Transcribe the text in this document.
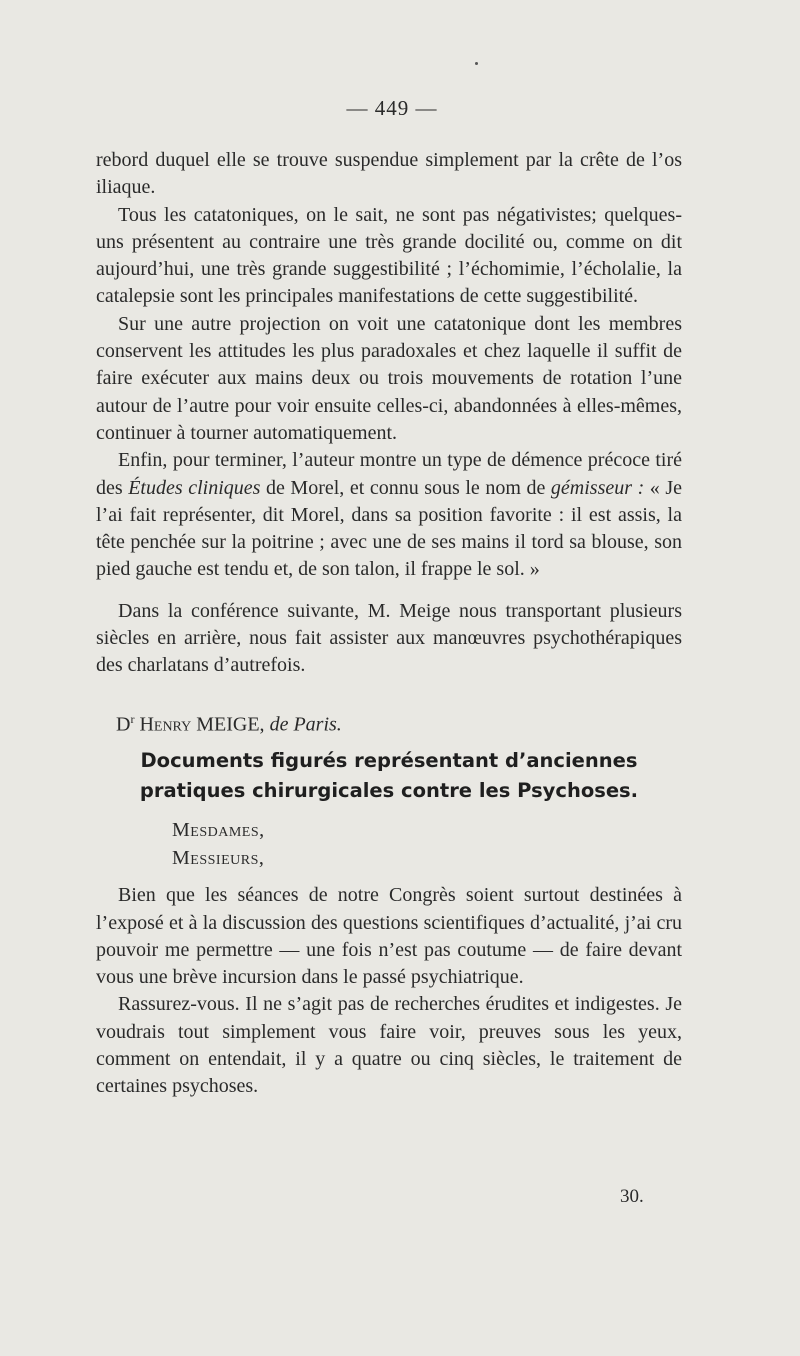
— 449 —

rebord duquel elle se trouve suspendue simplement par la crête de l’os iliaque.

Tous les catatoniques, on le sait, ne sont pas négativistes; quelques-uns présentent au contraire une très grande docilité ou, comme on dit aujourd’hui, une très grande suggestibilité ; l’échomimie, l’écholalie, la catalepsie sont les principales manifestations de cette suggestibilité.

Sur une autre projection on voit une catatonique dont les membres conservent les attitudes les plus paradoxales et chez laquelle il suffit de faire exécuter aux mains deux ou trois mouvements de rotation l’une autour de l’autre pour voir ensuite celles-ci, abandonnées à elles-mêmes, continuer à tourner automatiquement.

Enfin, pour terminer, l’auteur montre un type de démence précoce tiré des Études cliniques de Morel, et connu sous le nom de gémisseur : « Je l’ai fait représenter, dit Morel, dans sa position favorite : il est assis, la tête penchée sur la poitrine ; avec une de ses mains il tord sa blouse, son pied gauche est tendu et, de son talon, il frappe le sol. »

Dans la conférence suivante, M. Meige nous transportant plusieurs siècles en arrière, nous fait assister aux manœuvres psychothérapiques des charlatans d’autrefois.

$D^r$ Henry MEIGE, de Paris.
Documents figurés représentant d’anciennes pratiques chirurgicales contre les Psychoses.
Mesdames,
Messieurs,

Bien que les séances de notre Congrès soient surtout destinées à l’exposé et à la discussion des questions scientifiques d’actualité, j’ai cru pouvoir me permettre — une fois n’est pas coutume — de faire devant vous une brève incursion dans le passé psychiatrique.

Rassurez-vous. Il ne s’agit pas de recherches érudites et indigestes. Je voudrais tout simplement vous faire voir, preuves sous les yeux, comment on entendait, il y a quatre ou cinq siècles, le traitement de certaines psychoses.

30.
